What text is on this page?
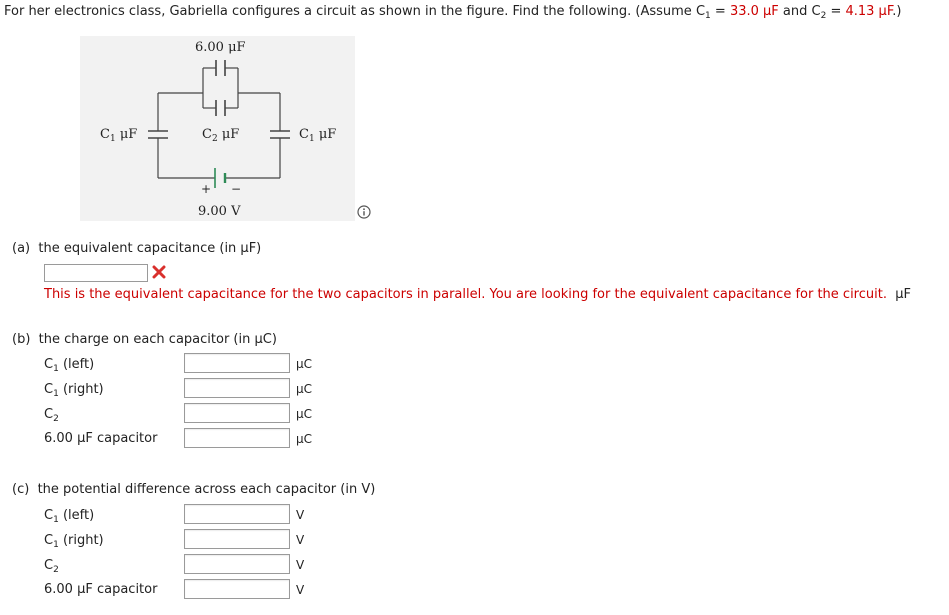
For her electronics class, Gabriella configures a circuit as shown in the figure. Find the following. (Assume $C_1 = 33.0$ μF and $C_2 = 4.13$ μF.)
6.00 μF
$C_1$ μF	$C_2$ μF	$C_1$ μF
+ −
9.00 V
(a) the equivalent capacitance (in μF)
This is the equivalent capacitance for the two capacitors in parallel. You are looking for the equivalent capacitance for the circuit. μF
(b) the charge on each capacitor (in μC)
$C_1$ (left)	μC
$C_1$ (right)	μC
$C_2$	μC
6.00 μF capacitor	μC
(c) the potential difference across each capacitor (in V)
$C_1$ (left)	V
$C_1$ (right)	V
$C_2$	V
6.00 μF capacitor	V
